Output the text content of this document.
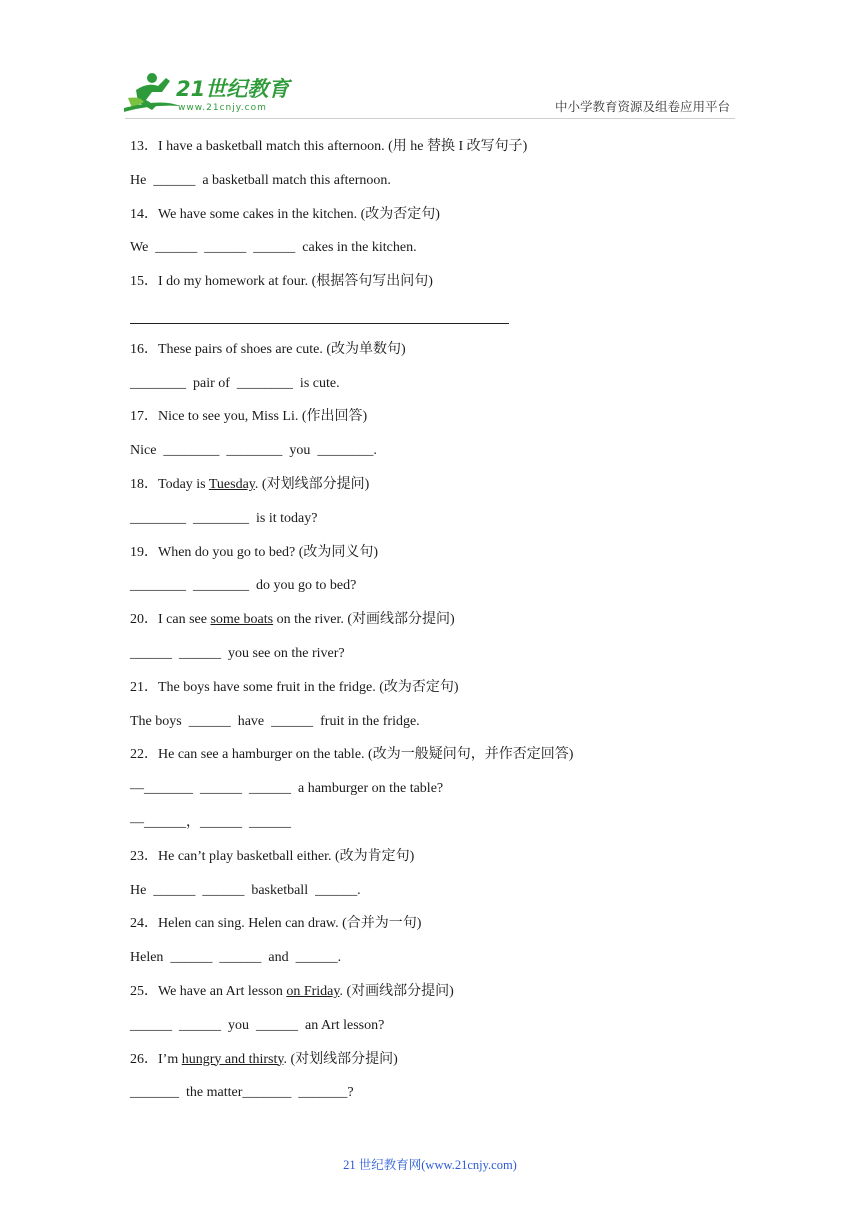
21世纪教育
www.21cnjy.com	中小学教育资源及组卷应用平台
13．I have a basketball match this afternoon. (用 he 替换 I 改写句子)
He  ______  a basketball match this afternoon.
14．We have some cakes in the kitchen. (改为否定句)
We  ______  ______  ______  cakes in the kitchen.
15．I do my homework at four. (根据答句写出问句)
16．These pairs of shoes are cute. (改为单数句)
________  pair of  ________  is cute.
17．Nice to see you, Miss Li. (作出回答)
Nice  ________  ________  you  ________.
18．Today is Tuesday. (对划线部分提问)
________  ________  is it today?
19．When do you go to bed? (改为同义句)
________  ________  do you go to bed?
20．I can see some boats on the river. (对画线部分提问)
______  ______  you see on the river?
21．The boys have some fruit in the fridge. (改为否定句)
The boys  ______  have  ______  fruit in the fridge.
22．He can see a hamburger on the table. (改为一般疑问句，并作否定回答)
—_______  ______  ______  a hamburger on the table?
—______，______  ______
23．He can’t play basketball either. (改为肯定句)
He  ______  ______  basketball  ______.
24．Helen can sing. Helen can draw. (合并为一句)
Helen  ______  ______  and  ______.
25．We have an Art lesson on Friday. (对画线部分提问)
______  ______  you  ______  an Art lesson?
26．I’m hungry and thirsty. (对划线部分提问)
_______  the matter_______  _______?
21 世纪教育网(www.21cnjy.com)
